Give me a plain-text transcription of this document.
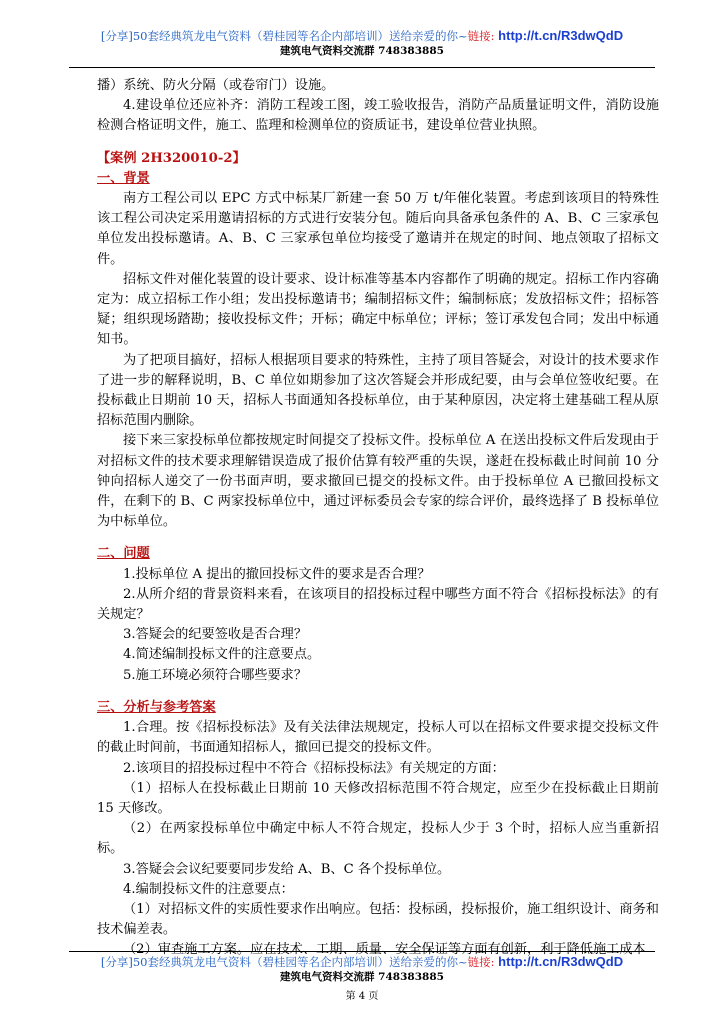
[分享]50套经典筑龙电气资料（碧桂园等名企内部培训）送给亲爱的你~链接: http://t.cn/R3dwQdD
建筑电气资料交流群 748383885

播）系统、防火分隔（或卷帘门）设施。

4.建设单位还应补齐：消防工程竣工图，竣工验收报告，消防产品质量证明文件，消防设施检测合格证明文件，施工、监理和检测单位的资质证书，建设单位营业执照。

【案例 2H320010-2】

一、背景

南方工程公司以 EPC 方式中标某厂新建一套 50 万 t/年催化装置。考虑到该项目的特殊性该工程公司决定采用邀请招标的方式进行安装分包。随后向具备承包条件的 A、B、C 三家承包单位发出投标邀请。A、B、C 三家承包单位均接受了邀请并在规定的时间、地点领取了招标文件。

招标文件对催化装置的设计要求、设计标准等基本内容都作了明确的规定。招标工作内容确定为：成立招标工作小组；发出投标邀请书；编制招标文件；编制标底；发放招标文件；招标答疑；组织现场踏勘；接收投标文件；开标；确定中标单位；评标；签订承发包合同；发出中标通知书。

为了把项目搞好，招标人根据项目要求的特殊性，主持了项目答疑会，对设计的技术要求作了进一步的解释说明，B、C 单位如期参加了这次答疑会并形成纪要，由与会单位签收纪要。在投标截止日期前 10 天，招标人书面通知各投标单位，由于某种原因，决定将土建基础工程从原招标范围内删除。

接下来三家投标单位都按规定时间提交了投标文件。投标单位 A 在送出投标文件后发现由于对招标文件的技术要求理解错误造成了报价估算有较严重的失误，遂赶在投标截止时间前 10 分钟向招标人递交了一份书面声明，要求撤回已提交的投标文件。由于投标单位 A 已撤回投标文件，在剩下的 B、C 两家投标单位中，通过评标委员会专家的综合评价，最终选择了 B 投标单位为中标单位。

二、问题

1.投标单位 A 提出的撤回投标文件的要求是否合理？

2.从所介绍的背景资料来看，在该项目的招投标过程中哪些方面不符合《招标投标法》的有关规定？

3.答疑会的纪要签收是否合理？

4.简述编制投标文件的注意要点。

5.施工环境必须符合哪些要求？

三、分析与参考答案

1.合理。按《招标投标法》及有关法律法规规定，投标人可以在招标文件要求提交投标文件的截止时间前，书面通知招标人，撤回已提交的投标文件。

2.该项目的招投标过程中不符合《招标投标法》有关规定的方面：

（1）招标人在投标截止日期前 10 天修改招标范围不符合规定，应至少在投标截止日期前 15 天修改。

（2）在两家投标单位中确定中标人不符合规定，投标人少于 3 个时，招标人应当重新招标。

3.答疑会会议纪要要同步发给 A、B、C 各个投标单位。

4.编制投标文件的注意要点：

（1）对招标文件的实质性要求作出响应。包括：投标函，投标报价，施工组织设计、商务和技术偏差表。

（2）审查施工方案。应在技术、工期、质量、安全保证等方面有创新，利于降低施工成本

[分享]50套经典筑龙电气资料（碧桂园等名企内部培训）送给亲爱的你~链接: http://t.cn/R3dwQdD
建筑电气资料交流群 748383885
第 4 页
